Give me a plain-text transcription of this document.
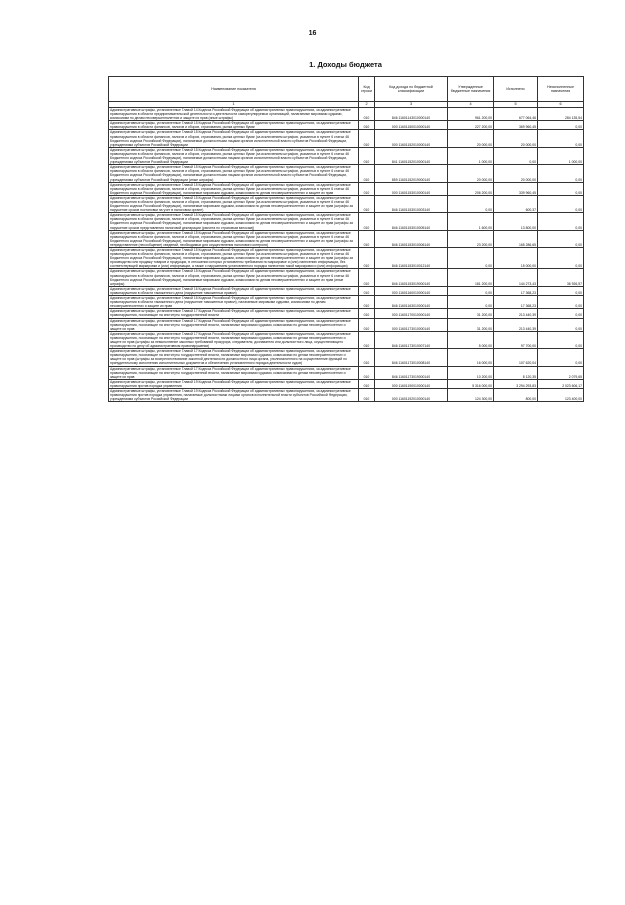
16
1. Доходы бюджета
Наименование показателя	Код строки	Код дохода по бюджетной классификации	Утвержденные бюджетные назначения	Исполнено	Неисполненные назначения
1	2	3	4	5	6
Административные штрафы, установленные Главой 14 Кодекса Российской Федерации об административных правонарушениях, за административные правонарушения в области предпринимательской деятельности и деятельности саморегулируемых организаций, налагаемые мировыми судьями, комиссиями по делам несовершеннолетних и защите их прав (иные штрафы)	010	846 11601143010000140	961 200,00	677 064,46	284 135,54
Административные штрафы, установленные Главой 15 Кодекса Российской Федерации об административных правонарушениях, за административные правонарушения в области финансов, налогов и сборов, страхования, рынка ценных бумаг	010	000 11601150010000140	227 200,00	369 960,45	0,00
Административные штрафы, установленные Главой 15 Кодекса Российской Федерации об административных правонарушениях, за административные правонарушения в области финансов, налогов и сборов, страхования, рынка ценных бумаг (за исключением штрафов, указанных в пункте 6 статьи 46 Бюджетного кодекса Российской Федерации), налагаемые должностными лицами органов исполнительной власти субъектов Российской Федерации, учреждениями субъектов Российской Федерации	010	000 11601152010000140	20 000,00	20 000,00	0,00
Административные штрафы, установленные Главой 15 Кодекса Российской Федерации об административных правонарушениях, за административные правонарушения в области финансов, налогов и сборов, страхования, рынка ценных бумаг (за исключением штрафов, указанных в пункте 6 статьи 46 Бюджетного кодекса Российской Федерации), налагаемые должностными лицами органов исполнительной власти субъектов Российской Федерации, учреждениями субъектов Российской Федерации	010	841 11601152010000140	1 000,00	0,00	1 000,00
Административные штрафы, установленные Главой 15 Кодекса Российской Федерации об административных правонарушениях, за административные правонарушения в области финансов, налогов и сборов, страхования, рынка ценных бумаг (за исключением штрафов, указанных в пункте 6 статьи 46 Бюджетного кодекса Российской Федерации), налагаемые должностными лицами органов исполнительной власти субъектов Российской Федерации, учреждениями субъектов Российской Федерации (иные штрафы)	010	859 11601152019000140	20 000,00	20 000,00	0,00
Административные штрафы, установленные Главой 15 Кодекса Российской Федерации об административных правонарушениях, за административные правонарушения в области финансов, налогов и сборов, страхования, рынка ценных бумаг (за исключением штрафов, указанных в пункте 6 статьи 46 Бюджетного кодекса Российской Федерации), налагаемые мировыми судьями, комиссиями по делам несовершеннолетних и защите их прав	010	000 11601153010000140	206 200,00	339 960,45	0,00
Административные штрафы, установленные Главой 15 Кодекса Российской Федерации об административных правонарушениях, за административные правонарушения в области финансов, налогов и сборов, страхования, рынка ценных бумаг (за исключением штрафов, указанных в пункте 6 статьи 46 Бюджетного кодекса Российской Федерации), налагаемые мировыми судьями, комиссиями по делам несовершеннолетних и защите их прав (штрафы за нарушение сроков постановки на учет в налоговом органе)	010	846 11601153010003140	0,00	600,37	0,00
Административные штрафы, установленные Главой 15 Кодекса Российской Федерации об административных правонарушениях, за административные правонарушения в области финансов, налогов и сборов, страхования, рынка ценных бумаг (за исключением штрафов, указанных в пункте 6 статьи 46 Бюджетного кодекса Российской Федерации), налагаемые мировыми судьями, комиссиями по делам несовершеннолетних и защите их прав (штрафы за нарушение сроков представления налоговой декларации (расчета по страховым взносам))	010	846 11601153010005140	1 600,00	13 800,00	0,00
Административные штрафы, установленные Главой 15 Кодекса Российской Федерации об административных правонарушениях, за административные правонарушения в области финансов, налогов и сборов, страхования, рынка ценных бумаг (за исключением штрафов, указанных в пункте 6 статьи 46 Бюджетного кодекса Российской Федерации), налагаемые мировыми судьями, комиссиями по делам несовершеннолетних и защите их прав (штрафы за непредставление (несообщение) сведений, необходимых для осуществления налогового контроля)	010	846 11601153010006140	23 200,00	165 286,65	0,00
Административные штрафы, установленные Главой 15 Кодекса Российской Федерации об административных правонарушениях, за административные правонарушения в области финансов, налогов и сборов, страхования, рынка ценных бумаг (за исключением штрафов, указанных в пункте 6 статьи 46 Бюджетного кодекса Российской Федерации), налагаемые мировыми судьями, комиссиями по делам несовершеннолетних и защите их прав (штрафы за производство или продажу товаров и продукции, в отношении которых установлены требования по маркировке и (или) нанесению информации, без соответствующей маркировки и (или) информации, а также с нарушением установленного порядка нанесения такой маркировки и (или) информации)	010	846 11601153010012140	0,00	15 000,00	0,00
Административные штрафы, установленные Главой 15 Кодекса Российской Федерации об административных правонарушениях, за административные правонарушения в области финансов, налогов и сборов, страхования, рынка ценных бумаг (за исключением штрафов, указанных в пункте 6 статьи 46 Бюджетного кодекса Российской Федерации), налагаемые мировыми судьями, комиссиями по делам несовершеннолетних и защите их прав (иные штрафы)	010	846 11601153019000140	181 200,00	144 273,43	36 926,57
Административные штрафы, установленные Главой 16 Кодекса Российской Федерации об административных правонарушениях, за административные правонарушения в области таможенного дела (нарушение таможенных правил)	010	000 11601160010000140	0,00	17 368,23	0,00
Административные штрафы, установленные Главой 16 Кодекса Российской Федерации об административных правонарушениях, за административные правонарушения в области таможенного дела (нарушение таможенных правил), налагаемые мировыми судьями, комиссиями по делам несовершеннолетних и защите их прав	010	846 11601163010000140	0,00	17 368,23	0,00
Административные штрафы, установленные Главой 17 Кодекса Российской Федерации об административных правонарушениях, за административные правонарушения, посягающие на институты государственной власти	010	000 11601170010000140	31 200,00	213 440,39	0,00
Административные штрафы, установленные Главой 17 Кодекса Российской Федерации об административных правонарушениях, за административные правонарушения, посягающие на институты государственной власти, налагаемые мировыми судьями, комиссиями по делам несовершеннолетних и защите их прав	010	000 11601173010000140	31 200,00	213 440,39	0,00
Административные штрафы, установленные Главой 17 Кодекса Российской Федерации об административных правонарушениях, за административные правонарушения, посягающие на институты государственной власти, налагаемые мировыми судьями, комиссиями по делам несовершеннолетних и защите их прав (штрафы за невыполнение законных требований прокурора, следователя, дознавателя или должностного лица, осуществляющего производство по делу об административном правонарушении)	010	846 11601173010007140	5 000,00	97 700,00	0,00
Административные штрафы, установленные Главой 17 Кодекса Российской Федерации об административных правонарушениях, за административные правонарушения, посягающие на институты государственной власти, налагаемые мировыми судьями, комиссиями по делам несовершеннолетних и защите их прав (штрафы за воспрепятствование законной деятельности должностного лица органа, уполномоченного на осуществление функций по принудительному исполнению исполнительных документов и обеспечению установленного порядка деятельности судов)	010	846 11601173010008140	16 000,00	107 620,04	0,00
Административные штрафы, установленные Главой 17 Кодекса Российской Федерации об административных правонарушениях, за административные правонарушения, посягающие на институты государственной власти, налагаемые мировыми судьями, комиссиями по делам несовершеннолетних и защите их прав	010	846 11601173019000140	10 200,00	8 120,35	2 079,65
Административные штрафы, установленные Главой 19 Кодекса Российской Федерации об административных правонарушениях, за административные правонарушения против порядка управления	010	000 11601190010000140	5 316 000,00	3 294 293,83	2 023 606,17
Административные штрафы, установленные Главой 19 Кодекса Российской Федерации об административных правонарушениях, за административные правонарушения против порядка управления, налагаемые должностными лицами органов исполнительной власти субъектов Российской Федерации, учреждениями субъектов Российской Федерации	010	000 11601192010000140	124 300,00	800,00	123 400,00
